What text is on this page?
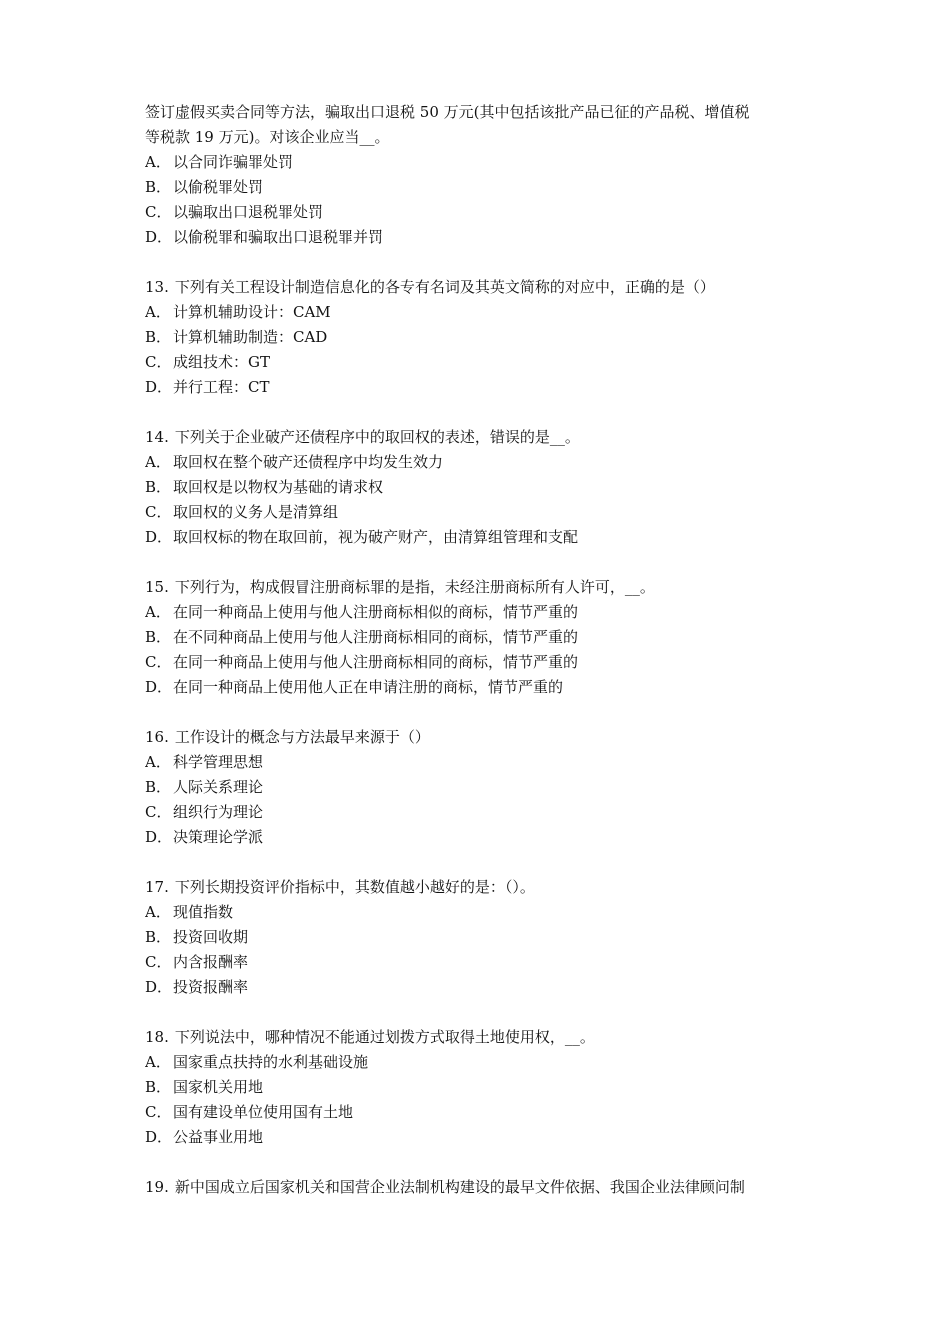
签订虚假买卖合同等方法，骗取出口退税 50 万元(其中包括该批产品已征的产品税、增值税
等税款 19 万元)。对该企业应当__。
A． 以合同诈骗罪处罚
B． 以偷税罪处罚
C． 以骗取出口退税罪处罚
D．以偷税罪和骗取出口退税罪并罚
13. 下列有关工程设计制造信息化的各专有名词及其英文简称的对应中，正确的是（）
A． 计算机辅助设计：CAM
B． 计算机辅助制造：CAD
C． 成组技术：GT
D．并行工程：CT
14. 下列关于企业破产还债程序中的取回权的表述，错误的是__。
A． 取回权在整个破产还债程序中均发生效力
B． 取回权是以物权为基础的请求权
C． 取回权的义务人是清算组
D．取回权标的物在取回前，视为破产财产，由清算组管理和支配
15. 下列行为，构成假冒注册商标罪的是指，未经注册商标所有人许可，__。
A． 在同一种商品上使用与他人注册商标相似的商标，情节严重的
B． 在不同种商品上使用与他人注册商标相同的商标，情节严重的
C． 在同一种商品上使用与他人注册商标相同的商标，情节严重的
D．在同一种商品上使用他人正在申请注册的商标，情节严重的
16. 工作设计的概念与方法最早来源于（）
A． 科学管理思想
B． 人际关系理论
C． 组织行为理论
D．决策理论学派
17. 下列长期投资评价指标中，其数值越小越好的是：（）。
A． 现值指数
B． 投资回收期
C． 内含报酬率
D．投资报酬率
18. 下列说法中，哪种情况不能通过划拨方式取得土地使用权，__。
A． 国家重点扶持的水利基础设施
B． 国家机关用地
C． 国有建设单位使用国有土地
D．公益事业用地
19. 新中国成立后国家机关和国营企业法制机构建设的最早文件依据、我国企业法律顾问制
